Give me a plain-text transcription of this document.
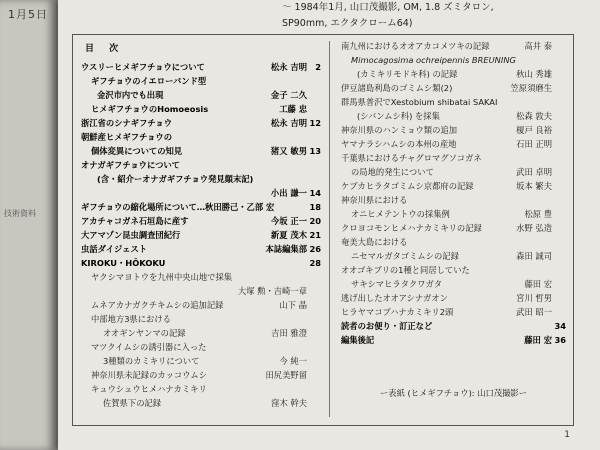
1月5日
技術資料
～ 1984年1月, 山口茂撮影, OM, 1.8 ズミタロン,
SP90mm, エクタクローム64)
目 次
ウスリーヒメギフチョウについて	松永 吉明 2
ギフチョウのイエローバンド型
金沢市内でも出現	金子 二久
ヒメギフチョウのHomoeosis	工藤 忠
浙江省のシナギフチョウ	松永 吉明 12
朝鮮産ヒメギフチョウの
個体変異についての知見	猪又 敏男 13
オナガギフチョウについて
(含・紹介ーオナガギフチョウ発見顛末記)
小出 謙一 14
ギフチョウの縮化場所について…秋田勝己・乙部 宏	18
アカチャコガネ石垣島に産す	今坂 正一 20
大アマゾン昆虫調査団紀行	新夏 茂木 21
虫話ダイジェスト	本誌編集部 26
KIROKU・HŌKOKU	28
ヤクシマヨトウを九州中央山地で採集
大塚 勲・吉崎一章
ムネアカナガクチキムシの追加記録	山下 晶
中部地方3県における
オオギンヤンマの記録	吉田 雅澄
マツクイムシの誘引器に入った
3種類のカミキリについて	今 純一
神奈川県未記録のカッコウムシ	田尻美野留
キュウシュウヒメハナカミキリ
佐賀県下の記録	窪木 幹夫
南九州におけるオオアカコメツキの記録	高井 泰
Mimocagosima ochreipennis BREUNING
(カミキリモドキ科) の記録	秋山 秀雄
伊豆諸島利島のゴミムシ類(2)	笠原須磨生
群馬県普沢でXestobium shibatai SAKAI
(シバンムシ科) を採集	松森 敦夫
神奈川県のハンミョウ類の追加	榎戸 良裕
ヤマナラシハムシの本州の産地	石田 正明
千葉県におけるチャグロマグソコガネ
の局地的発生について	武田 卓明
ケブカヒラタゴミムシ京都府の記録	坂本 繁夫
神奈川県における
オニヒメテントウの採集例	松原 豊
クロヨコモンヒメハナカミキリの記録	水野 弘造
奄美大島における
ニセマルガタゴミムシの記録	森田 誠司
オオゴキブリの1種と同居していた
サキシマヒラタクワガタ	藤田 宏
逃げ出したオオアシナガオン	宮川 哲男
ヒラヤマコブハナカミキリ2頭	武田 昭一
読者のお便り・訂正など	34
編集後記	藤田 宏 36
ー表紙 (ヒメギフチョウ): 山口茂撮影ー
1
